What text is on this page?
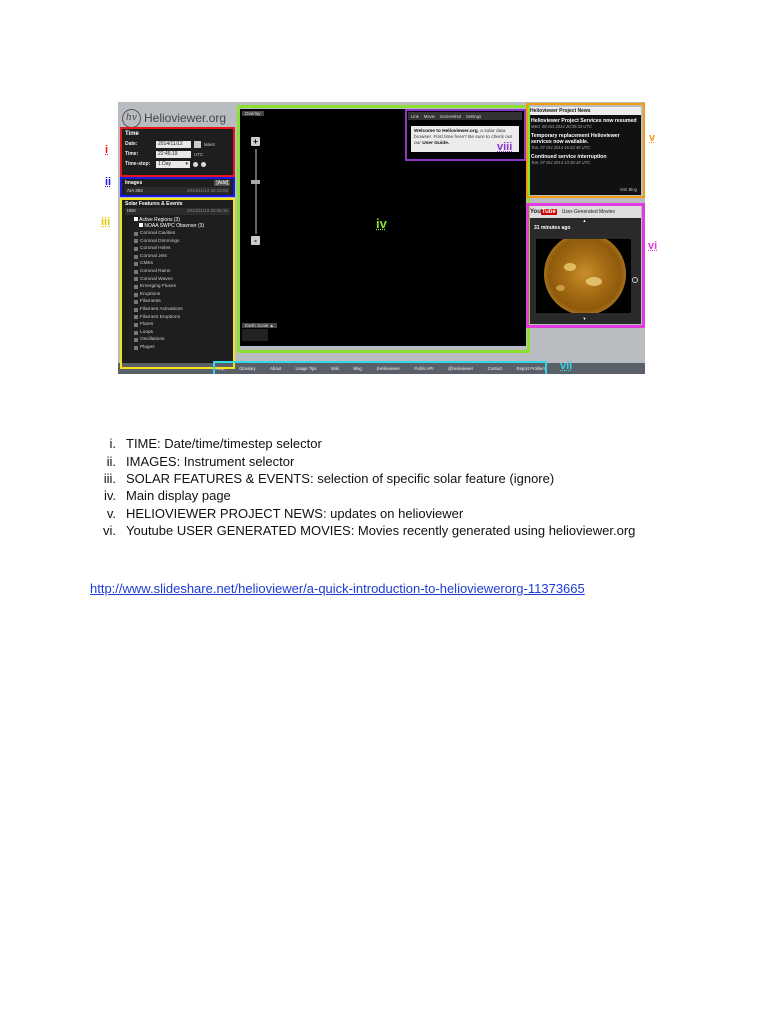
hv Helioviewer.org
Time
Date:	2014/11/12	latest
Time:	22:46:19	UTC
Time-step:	1 Day	▾
Images	[Add]
AIA 304	2014/11/13 22:43:56
Solar Features & Events
HEK	2014/11/12 22:45:15
Active Regions (3)
NOAA SWPC Observer (3)
Coronal Cavities
Coronal Dimmings
Coronal Holes
Coronal Jets
CMEs
Coronal Rains
Coronal Waves
Emerging Fluxes
Eruptions
Filaments
Filament Activations
Filament Eruptions
Flares
Loops
Oscillations
Plages
Overlay
+
-
Earth Scale ▲
Link Movie Screenshot Settings
Welcome to Helioviewer.org, a solar data browser. First time here? Be sure to check out our User Guide.
Helioviewer Project News
Helioviewer Project Services now resumed
Wed, 08 Oct 2014 20:39:33 UTC
Temporary replacement Helioviewer services now available.
Tue, 07 Oct 2014 16:32:46 UTC
Continued service interruption
Tue, 07 Oct 2014 13:36:19 UTC
Visit Blog
You Tube User-Generated Movies
▲
31 minutes ago
▼
Help	Glossary	About	Usage Tips	Wiki	Blog	JHelioviewer	Public API	@helioviewer	Contact	Report Problem
i
ii
iii	iv
v
vi
vii
viii
i. TIME: Date/time/timestep selector
ii. IMAGES: Instrument selector
iii. SOLAR FEATURES & EVENTS: selection of specific solar feature (ignore)
iv. Main display page
v. HELIOVIEWER PROJECT NEWS: updates on helioviewer
vi. Youtube USER GENERATED MOVIES: Movies recently generated using helioviewer.org
http://www.slideshare.net/helioviewer/a-quick-introduction-to-helioviewerorg-11373665
